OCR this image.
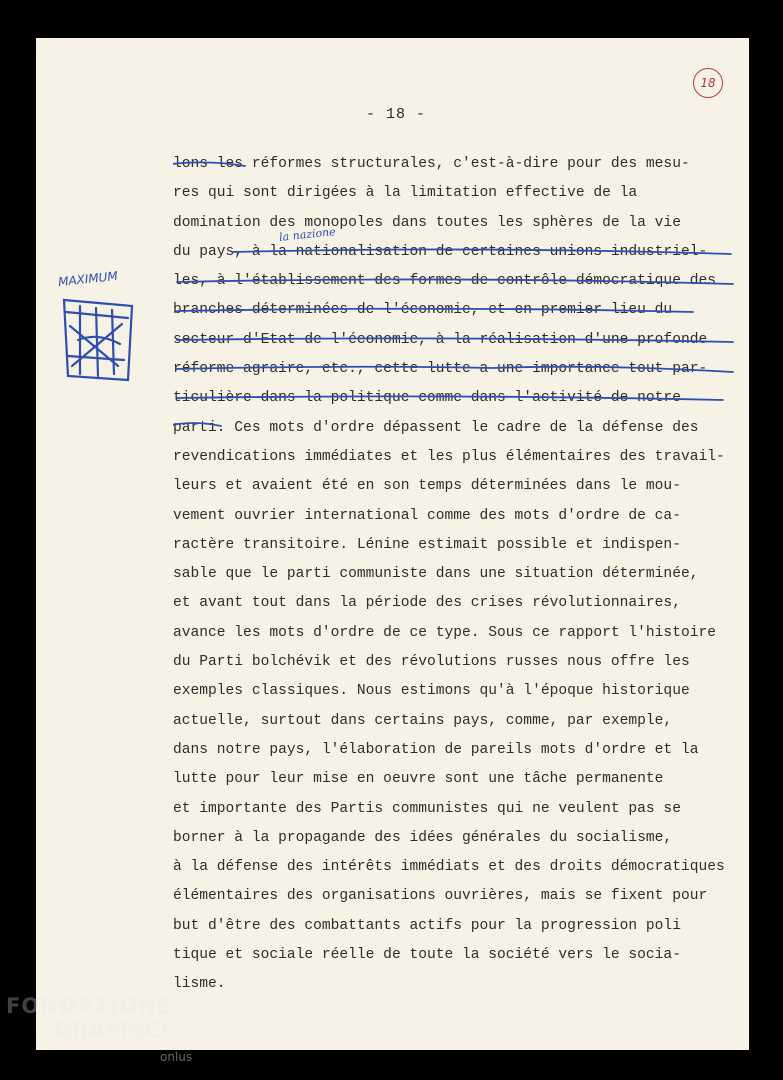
- 18 -
18
MAXIMUM
la nazione
lons les réformes structurales, c'est-à-dire pour des mesu-
res qui sont dirigées à la limitation effective de la
domination des monopoles dans toutes les sphères de la vie
du pays, à la nationalisation de certaines unions industriel-
les, à l'établissement des formes de contrôle démocratique des
branches déterminées de l'économie, et en premier lieu du
secteur d'Etat de l'économie, à la réalisation d'une profonde
réforme agraire, etc., cette lutte a une importance tout par-
ticulière dans la politique comme dans l'activité de notre
parti. Ces mots d'ordre dépassent le cadre de la défense des
revendications immédiates et les plus élémentaires des travail-
leurs et avaient été en son temps déterminées dans le mou-
vement ouvrier international comme des mots d'ordre de ca-
ractère transitoire. Lénine estimait possible et indispen-
sable que le parti communiste dans une situation déterminée,
et avant tout dans la période des crises révolutionnaires,
avance les mots d'ordre de ce type. Sous ce rapport l'histoire
du Parti bolchévik et des révolutions russes nous offre les
exemples classiques. Nous estimons qu'à l'époque historique
actuelle, surtout dans certains pays, comme, par exemple,
dans notre pays, l'élaboration de pareils mots d'ordre et la
lutte pour leur mise en oeuvre sont une tâche permanente
et importante des Partis communistes qui ne veulent pas se
borner à la propagande des idées générales du socialisme,
à la défense des intérêts immédiats et des droits démocratiques
élémentaires des organisations ouvrières, mais se fixent pour
but d'être des combattants actifs pour la progression poli
tique et sociale réelle de toute la société vers le socia-
lisme.
FONDAZIONE
GRAMSCI
onlus
